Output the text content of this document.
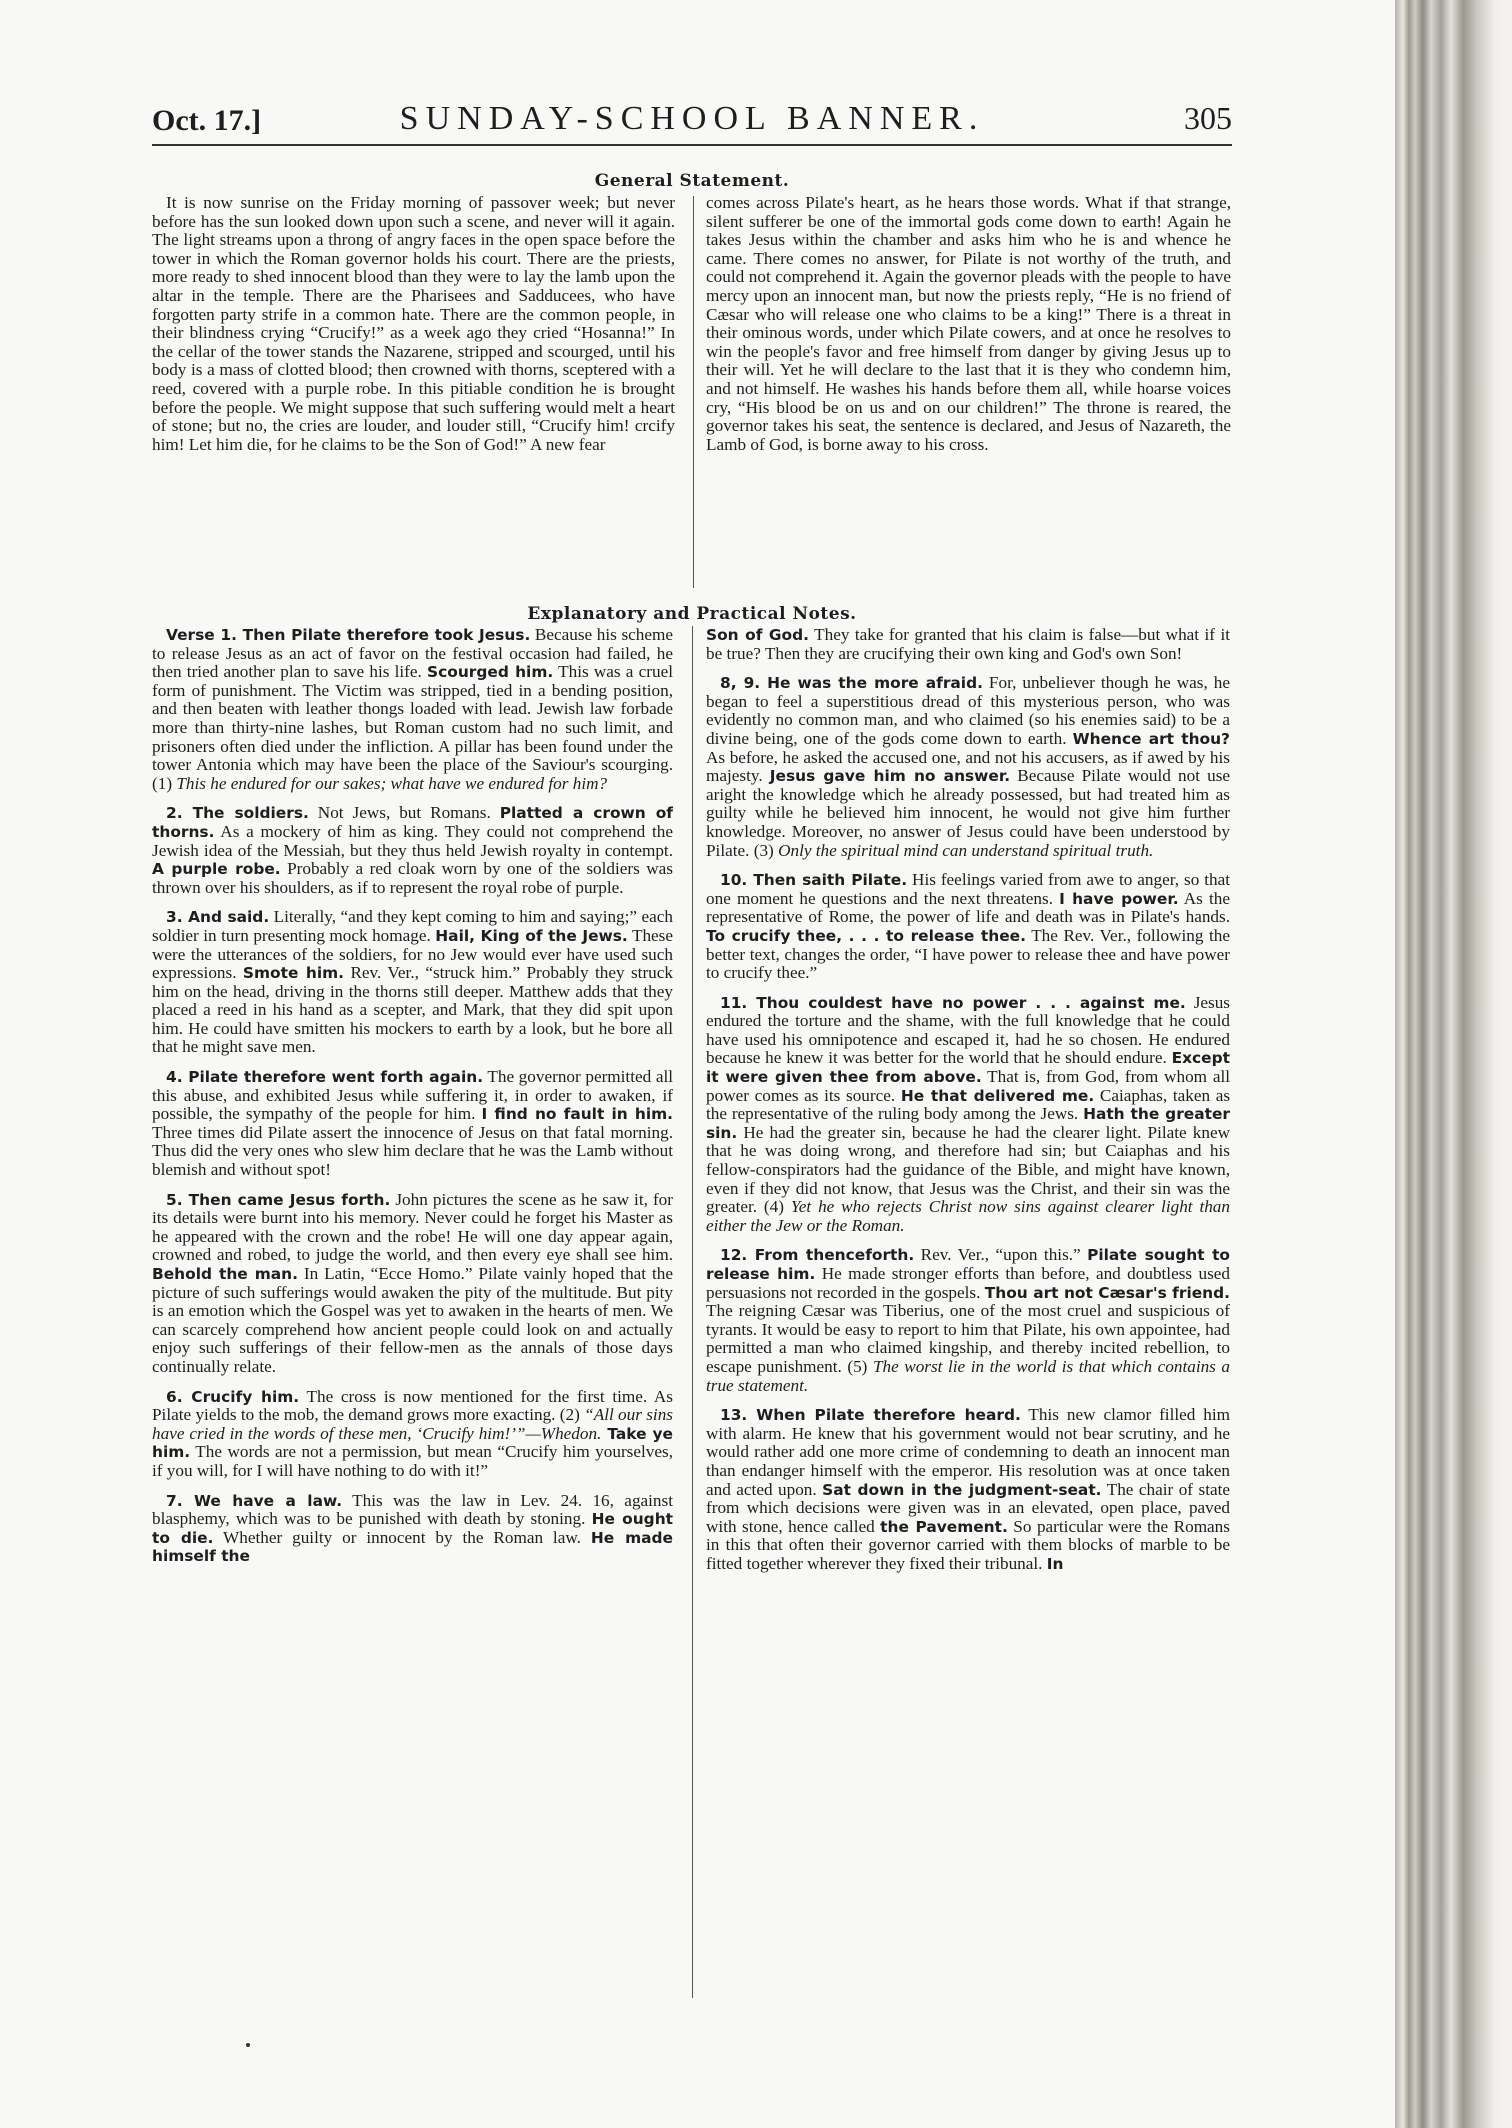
Oct. 17.]	SUNDAY-SCHOOL BANNER.	305
General Statement.

It is now sunrise on the Friday morning of passover week; but never before has the sun looked down upon such a scene, and never will it again. The light streams upon a throng of angry faces in the open space before the tower in which the Roman governor holds his court. There are the priests, more ready to shed innocent blood than they were to lay the lamb upon the altar in the temple. There are the Pharisees and Sadducees, who have forgotten party strife in a common hate. There are the common people, in their blindness crying “Crucify!” as a week ago they cried “Hosanna!” In the cellar of the tower stands the Nazarene, stripped and scourged, until his body is a mass of clotted blood; then crowned with thorns, sceptered with a reed, covered with a purple robe. In this pitiable condition he is brought before the people. We might suppose that such suffering would melt a heart of stone; but no, the cries are louder, and louder still, “Crucify him! crcify him! Let him die, for he claims to be the Son of God!” A new fear

comes across Pilate's heart, as he hears those words. What if that strange, silent sufferer be one of the immortal gods come down to earth! Again he takes Jesus within the chamber and asks him who he is and whence he came. There comes no answer, for Pilate is not worthy of the truth, and could not comprehend it. Again the governor pleads with the people to have mercy upon an innocent man, but now the priests reply, “He is no friend of Cæsar who will release one who claims to be a king!” There is a threat in their ominous words, under which Pilate cowers, and at once he resolves to win the people's favor and free himself from danger by giving Jesus up to their will. Yet he will declare to the last that it is they who condemn him, and not himself. He washes his hands before them all, while hoarse voices cry, “His blood be on us and on our children!” The throne is reared, the governor takes his seat, the sentence is declared, and Jesus of Nazareth, the Lamb of God, is borne away to his cross.

Explanatory and Practical Notes.

Verse 1. Then Pilate therefore took Jesus. Because his scheme to release Jesus as an act of favor on the festival occasion had failed, he then tried another plan to save his life. Scourged him. This was a cruel form of punishment. The Victim was stripped, tied in a bending position, and then beaten with leather thongs loaded with lead. Jewish law forbade more than thirty-nine lashes, but Roman custom had no such limit, and prisoners often died under the infliction. A pillar has been found under the tower Antonia which may have been the place of the Saviour's scourging. (1) This he endured for our sakes; what have we endured for him?

2. The soldiers. Not Jews, but Romans. Platted a crown of thorns. As a mockery of him as king. They could not comprehend the Jewish idea of the Messiah, but they thus held Jewish royalty in contempt. A purple robe. Probably a red cloak worn by one of the soldiers was thrown over his shoulders, as if to represent the royal robe of purple.

3. And said. Literally, “and they kept coming to him and saying;” each soldier in turn presenting mock homage. Hail, King of the Jews. These were the utterances of the soldiers, for no Jew would ever have used such expressions. Smote him. Rev. Ver., “struck him.” Probably they struck him on the head, driving in the thorns still deeper. Matthew adds that they placed a reed in his hand as a scepter, and Mark, that they did spit upon him. He could have smitten his mockers to earth by a look, but he bore all that he might save men.

4. Pilate therefore went forth again. The governor permitted all this abuse, and exhibited Jesus while suffering it, in order to awaken, if possible, the sympathy of the people for him. I find no fault in him. Three times did Pilate assert the innocence of Jesus on that fatal morning. Thus did the very ones who slew him declare that he was the Lamb without blemish and without spot!

5. Then came Jesus forth. John pictures the scene as he saw it, for its details were burnt into his memory. Never could he forget his Master as he appeared with the crown and the robe! He will one day appear again, crowned and robed, to judge the world, and then every eye shall see him. Behold the man. In Latin, “Ecce Homo.” Pilate vainly hoped that the picture of such sufferings would awaken the pity of the multitude. But pity is an emotion which the Gospel was yet to awaken in the hearts of men. We can scarcely comprehend how ancient people could look on and actually enjoy such sufferings of their fellow-men as the annals of those days continually relate.

6. Crucify him. The cross is now mentioned for the first time. As Pilate yields to the mob, the demand grows more exacting. (2) “All our sins have cried in the words of these men, ‘Crucify him!’”—Whedon. Take ye him. The words are not a permission, but mean “Crucify him yourselves, if you will, for I will have nothing to do with it!”

7. We have a law. This was the law in Lev. 24. 16, against blasphemy, which was to be punished with death by stoning. He ought to die. Whether guilty or innocent by the Roman law. He made himself the

Son of God. They take for granted that his claim is false—but what if it be true? Then they are crucifying their own king and God's own Son!

8, 9. He was the more afraid. For, unbeliever though he was, he began to feel a superstitious dread of this mysterious person, who was evidently no common man, and who claimed (so his enemies said) to be a divine being, one of the gods come down to earth. Whence art thou? As before, he asked the accused one, and not his accusers, as if awed by his majesty. Jesus gave him no answer. Because Pilate would not use aright the knowledge which he already possessed, but had treated him as guilty while he believed him innocent, he would not give him further knowledge. Moreover, no answer of Jesus could have been understood by Pilate. (3) Only the spiritual mind can understand spiritual truth.

10. Then saith Pilate. His feelings varied from awe to anger, so that one moment he questions and the next threatens. I have power. As the representative of Rome, the power of life and death was in Pilate's hands. To crucify thee, . . . to release thee. The Rev. Ver., following the better text, changes the order, “I have power to release thee and have power to crucify thee.”

11. Thou couldest have no power . . . against me. Jesus endured the torture and the shame, with the full knowledge that he could have used his omnipotence and escaped it, had he so chosen. He endured because he knew it was better for the world that he should endure. Except it were given thee from above. That is, from God, from whom all power comes as its source. He that delivered me. Caiaphas, taken as the representative of the ruling body among the Jews. Hath the greater sin. He had the greater sin, because he had the clearer light. Pilate knew that he was doing wrong, and therefore had sin; but Caiaphas and his fellow-conspirators had the guidance of the Bible, and might have known, even if they did not know, that Jesus was the Christ, and their sin was the greater. (4) Yet he who rejects Christ now sins against clearer light than either the Jew or the Roman.

12. From thenceforth. Rev. Ver., “upon this.” Pilate sought to release him. He made stronger efforts than before, and doubtless used persuasions not recorded in the gospels. Thou art not Cæsar's friend. The reigning Cæsar was Tiberius, one of the most cruel and suspicious of tyrants. It would be easy to report to him that Pilate, his own appointee, had permitted a man who claimed kingship, and thereby incited rebellion, to escape punishment. (5) The worst lie in the world is that which contains a true statement.

13. When Pilate therefore heard. This new clamor filled him with alarm. He knew that his government would not bear scrutiny, and he would rather add one more crime of condemning to death an innocent man than endanger himself with the emperor. His resolution was at once taken and acted upon. Sat down in the judgment-seat. The chair of state from which decisions were given was in an elevated, open place, paved with stone, hence called the Pavement. So particular were the Romans in this that often their governor carried with them blocks of marble to be fitted together wherever they fixed their tribunal. In
